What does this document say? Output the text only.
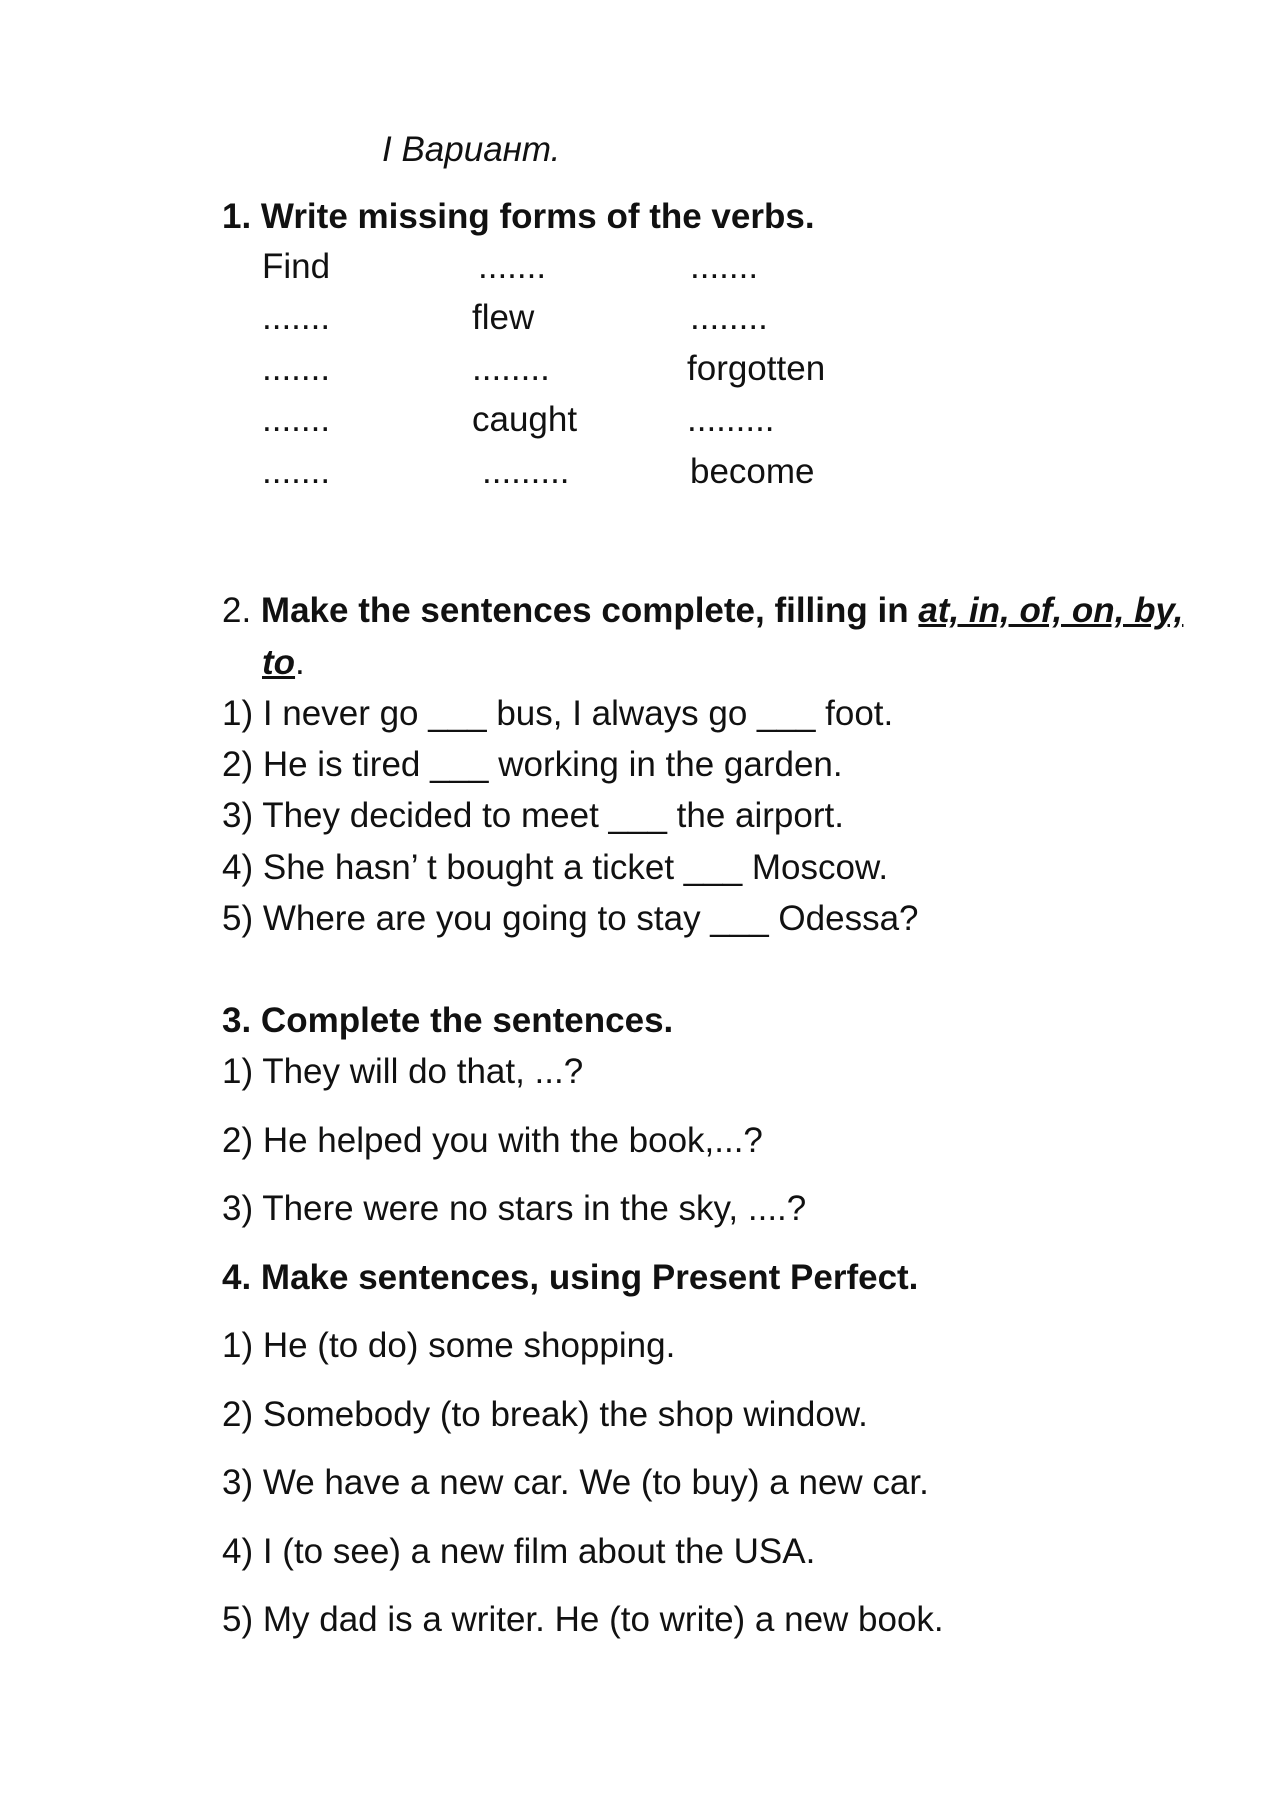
I Вариант.
1. Write missing forms of the verbs.
Find	.......	.......
.......	flew	........
.......	........	forgotten
.......	caught	.........
.......	.........	become
2. Make the sentences complete, filling in at, in, of, on, by,
to.
1) I never go ___ bus, I always go ___ foot.
2) He is tired ___ working in the garden.
3) They decided to meet ___ the airport.
4) She hasn’ t bought a ticket ___ Moscow.
5) Where are you going to stay ___ Odessa?
3. Complete the sentences.
1) They will do that, ...?
2) He helped you with the book,...?
3) There were no stars in the sky, ....?
4. Make sentences, using Present Perfect.
1) He (to do) some shopping.
2) Somebody (to break) the shop window.
3) We have a new car. We (to buy) a new car.
4) I (to see) a new film about the USA.
5) My dad is a writer. He (to write) a new book.
